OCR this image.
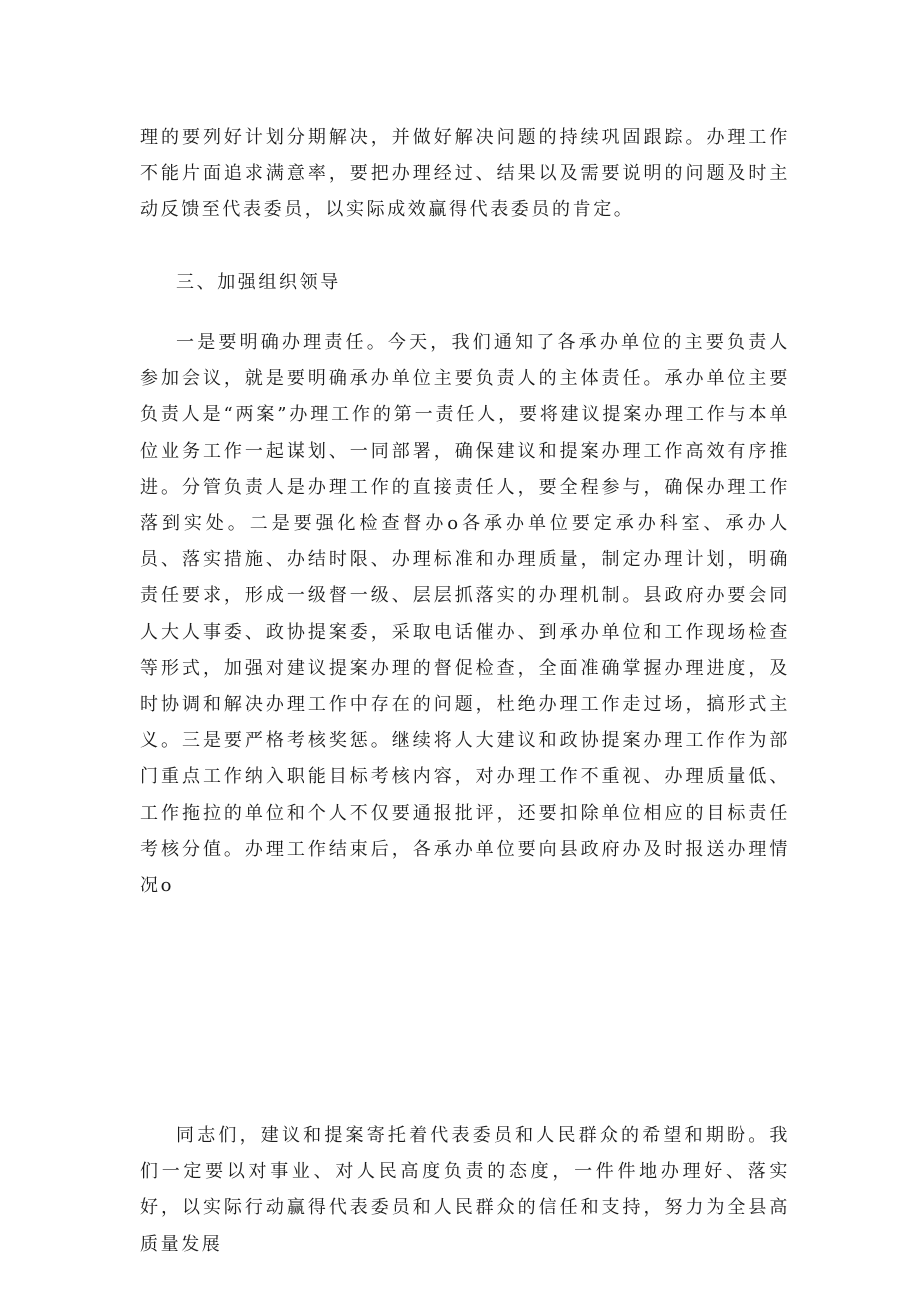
理的要列好计划分期解决，并做好解决问题的持续巩固跟踪。办理工作不能片面追求满意率，要把办理经过、结果以及需要说明的问题及时主动反馈至代表委员，以实际成效赢得代表委员的肯定。

三、加强组织领导

一是要明确办理责任。今天，我们通知了各承办单位的主要负责人参加会议，就是要明确承办单位主要负责人的主体责任。承办单位主要负责人是“两案”办理工作的第一责任人，要将建议提案办理工作与本单位业务工作一起谋划、一同部署，确保建议和提案办理工作高效有序推进。分管负责人是办理工作的直接责任人，要全程参与，确保办理工作落到实处。二是要强化检查督办o各承办单位要定承办科室、承办人员、落实措施、办结时限、办理标准和办理质量，制定办理计划，明确责任要求，形成一级督一级、层层抓落实的办理机制。县政府办要会同人大人事委、政协提案委，采取电话催办、到承办单位和工作现场检查等形式，加强对建议提案办理的督促检查，全面准确掌握办理进度，及时协调和解决办理工作中存在的问题，杜绝办理工作走过场，搞形式主义。三是要严格考核奖惩。继续将人大建议和政协提案办理工作作为部门重点工作纳入职能目标考核内容，对办理工作不重视、办理质量低、工作拖拉的单位和个人不仅要通报批评，还要扣除单位相应的目标责任考核分值。办理工作结束后，各承办单位要向县政府办及时报送办理情况o

同志们，建议和提案寄托着代表委员和人民群众的希望和期盼。我们一定要以对事业、对人民高度负责的态度，一件件地办理好、落实好，以实际行动赢得代表委员和人民群众的信任和支持，努力为全县高质量发展
